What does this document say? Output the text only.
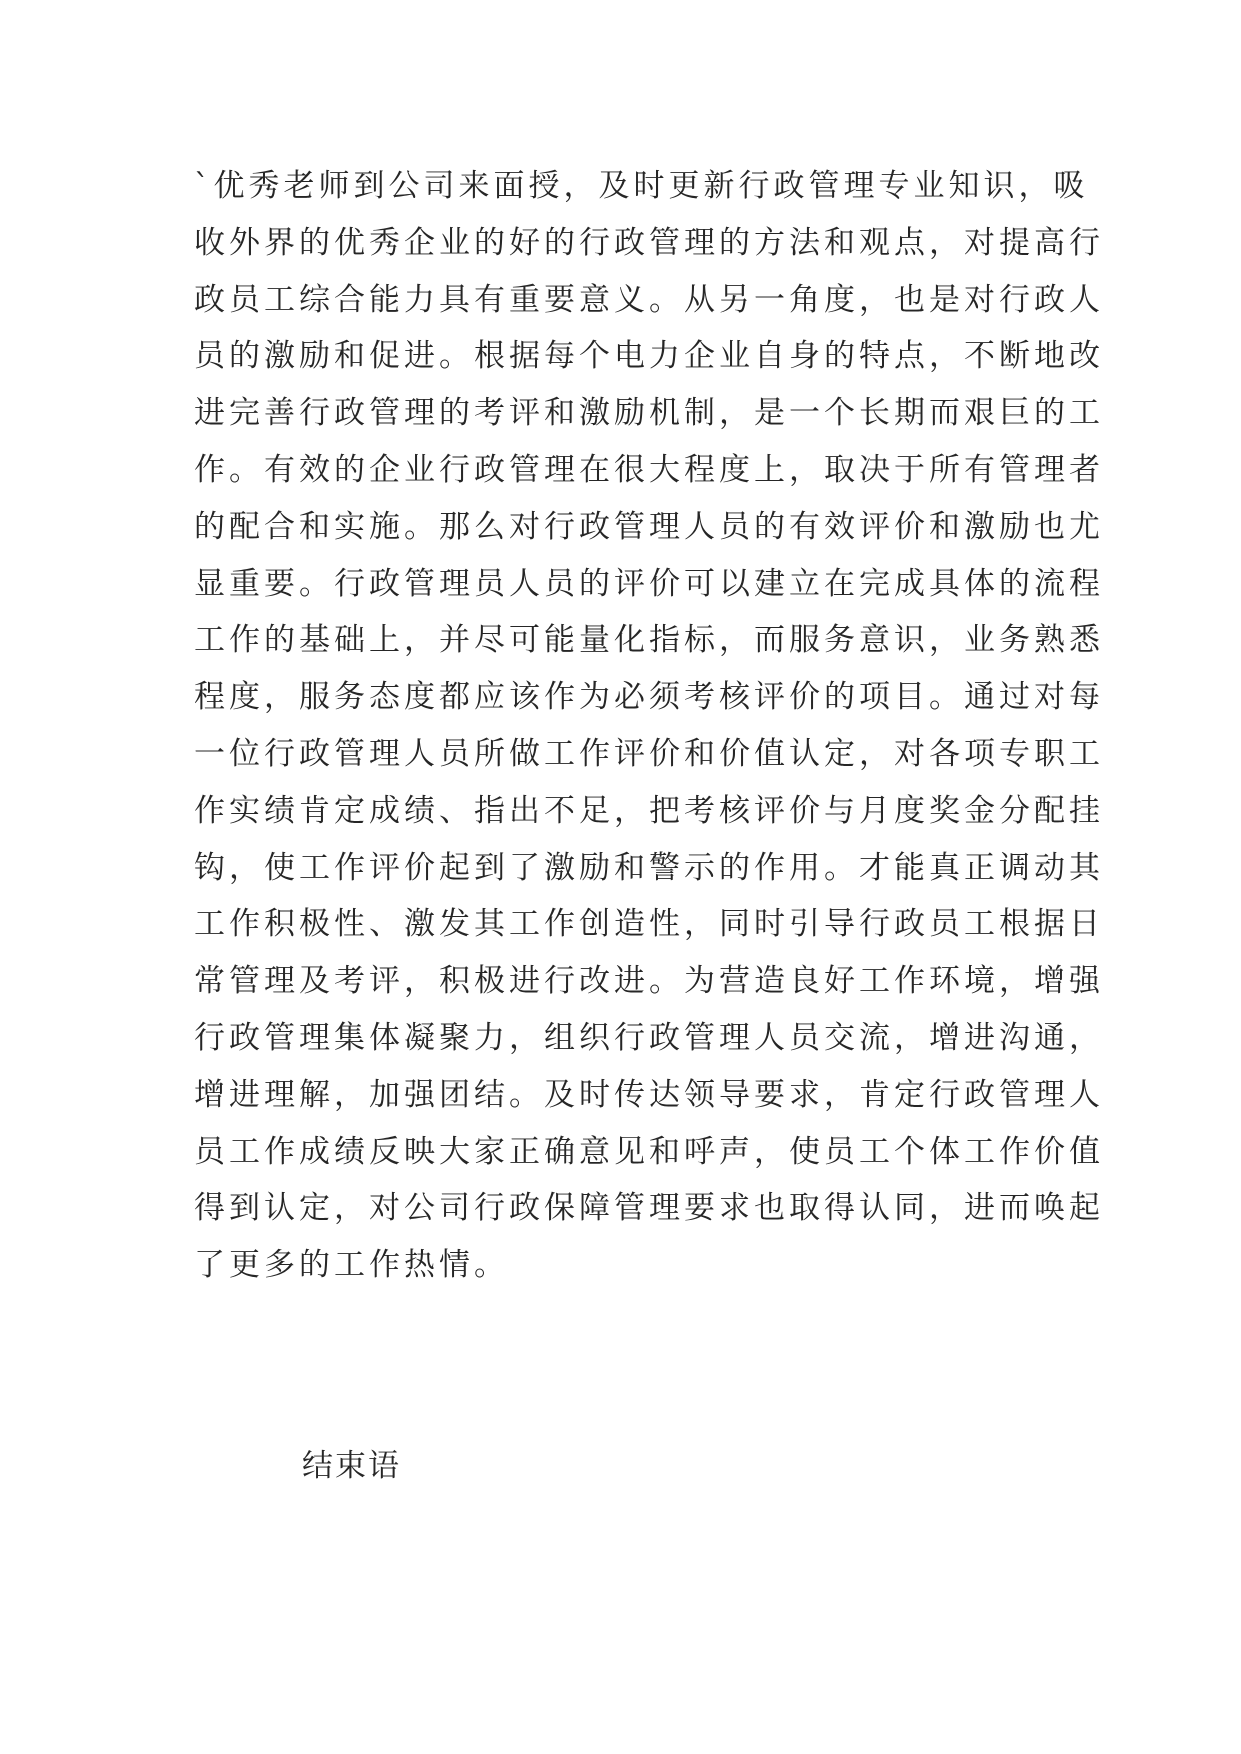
`优秀老师到公司来面授，及时更新行政管理专业知识，吸
收外界的优秀企业的好的行政管理的方法和观点，对提高行
政员工综合能力具有重要意义。从另一角度，也是对行政人
员的激励和促进。根据每个电力企业自身的特点，不断地改
进完善行政管理的考评和激励机制，是一个长期而艰巨的工
作。有效的企业行政管理在很大程度上，取决于所有管理者
的配合和实施。那么对行政管理人员的有效评价和激励也尤
显重要。行政管理员人员的评价可以建立在完成具体的流程
工作的基础上，并尽可能量化指标，而服务意识，业务熟悉
程度，服务态度都应该作为必须考核评价的项目。通过对每
一位行政管理人员所做工作评价和价值认定，对各项专职工
作实绩肯定成绩、指出不足，把考核评价与月度奖金分配挂
钩，使工作评价起到了激励和警示的作用。才能真正调动其
工作积极性、激发其工作创造性，同时引导行政员工根据日
常管理及考评，积极进行改进。为营造良好工作环境，增强
行政管理集体凝聚力，组织行政管理人员交流，增进沟通，
增进理解，加强团结。及时传达领导要求，肯定行政管理人
员工作成绩反映大家正确意见和呼声，使员工个体工作价值
得到认定，对公司行政保障管理要求也取得认同，进而唤起
了更多的工作热情。
结束语
